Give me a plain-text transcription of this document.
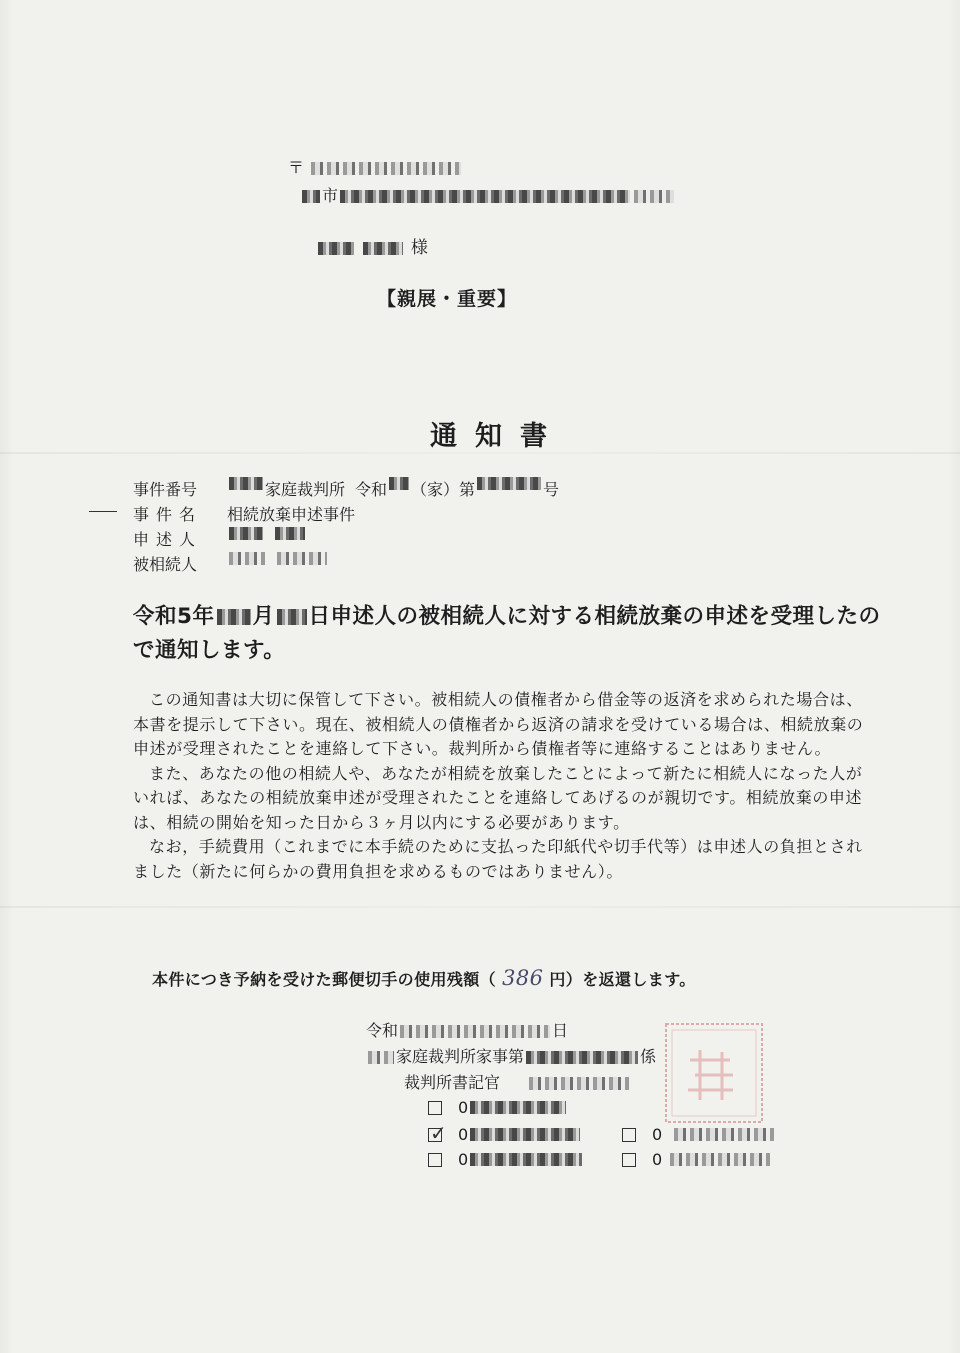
〒
市
様
【親展・重要】
通知書
事件番号	家庭裁判所 令和 （家）第	号
事件名	相続放棄申述事件
申述人
被相続人
令和5年 月 日申述人の被相続人に対する相続放棄の申述を受理したので通知します。

この通知書は大切に保管して下さい。被相続人の債権者から借金等の返済を求められた場合は、本書を提示して下さい。現在、被相続人の債権者から返済の請求を受けている場合は、相続放棄の申述が受理されたことを連絡して下さい。裁判所から債権者等に連絡することはありません。

また、あなたの他の相続人や、あなたが相続を放棄したことによって新たに相続人になった人がいれば、あなたの相続放棄申述が受理されたことを連絡してあげるのが親切です。相続放棄の申述は、相続の開始を知った日から３ヶ月以内にする必要があります。

なお，手続費用（これまでに本手続のために支払った印紙代や切手代等）は申述人の負担とされました（新たに何らかの費用負担を求めるものではありません）。

本件につき予納を受けた郵便切手の使用残額（ 386 円）を返還します。
令和	日
家庭裁判所家事第	係
裁判所書記官
0
✓ 0
0
0
0
